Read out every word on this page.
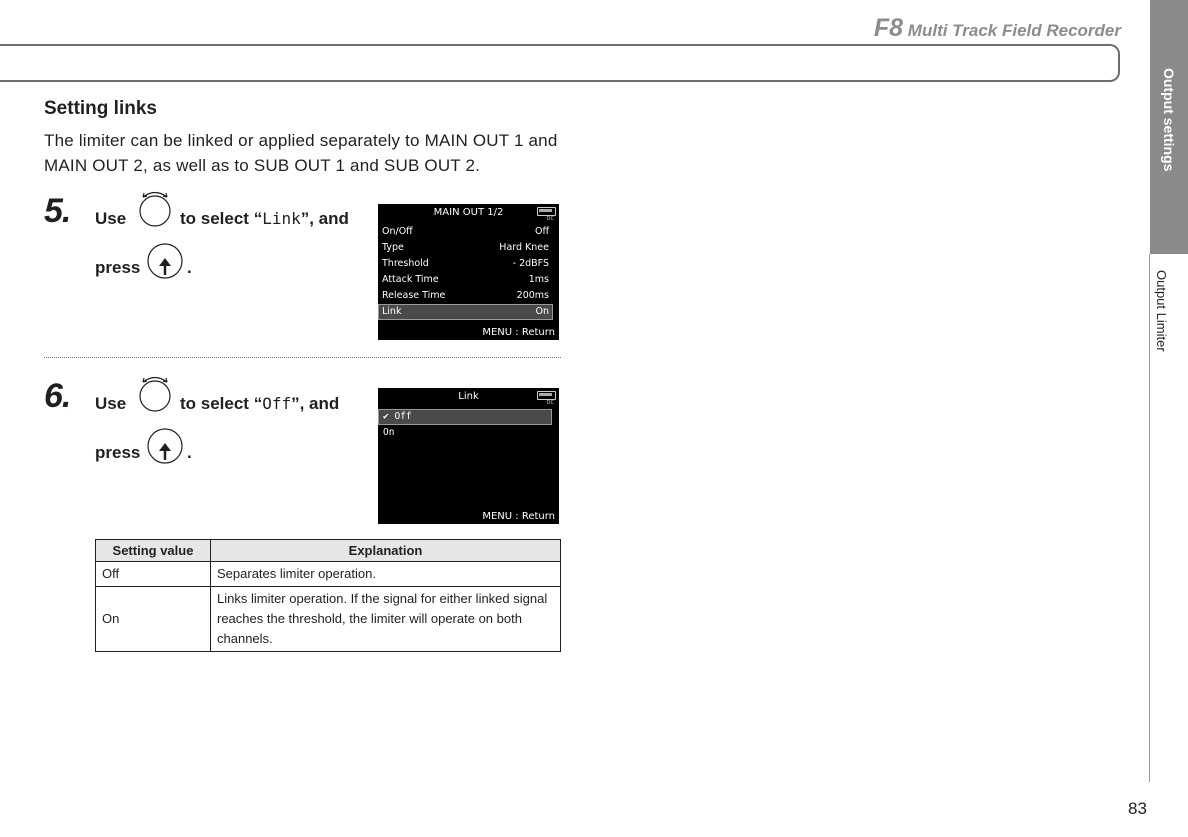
F8 Multi Track Field Recorder
Output settings
Output Limiter
Setting links
The limiter can be linked or applied separately to MAIN OUT 1 and MAIN OUT 2, as well as to SUB OUT 1 and SUB OUT 2.
5. Use	to select “Link”, and
press	.
MAIN OUT 1/2
DC
On/Off	Off
Type	Hard Knee
Threshold	- 2dBFS
Attack Time	1ms
Release Time	200ms
Link	On
MENU : Return
6. Use	to select “Off”, and
press	.
Link
DC
✔ Off
On
MENU : Return
Setting value	Explanation
Off	Separates limiter operation.
On	Links limiter operation. If the signal for either linked signal reaches the threshold, the limiter will operate on both channels.
83
